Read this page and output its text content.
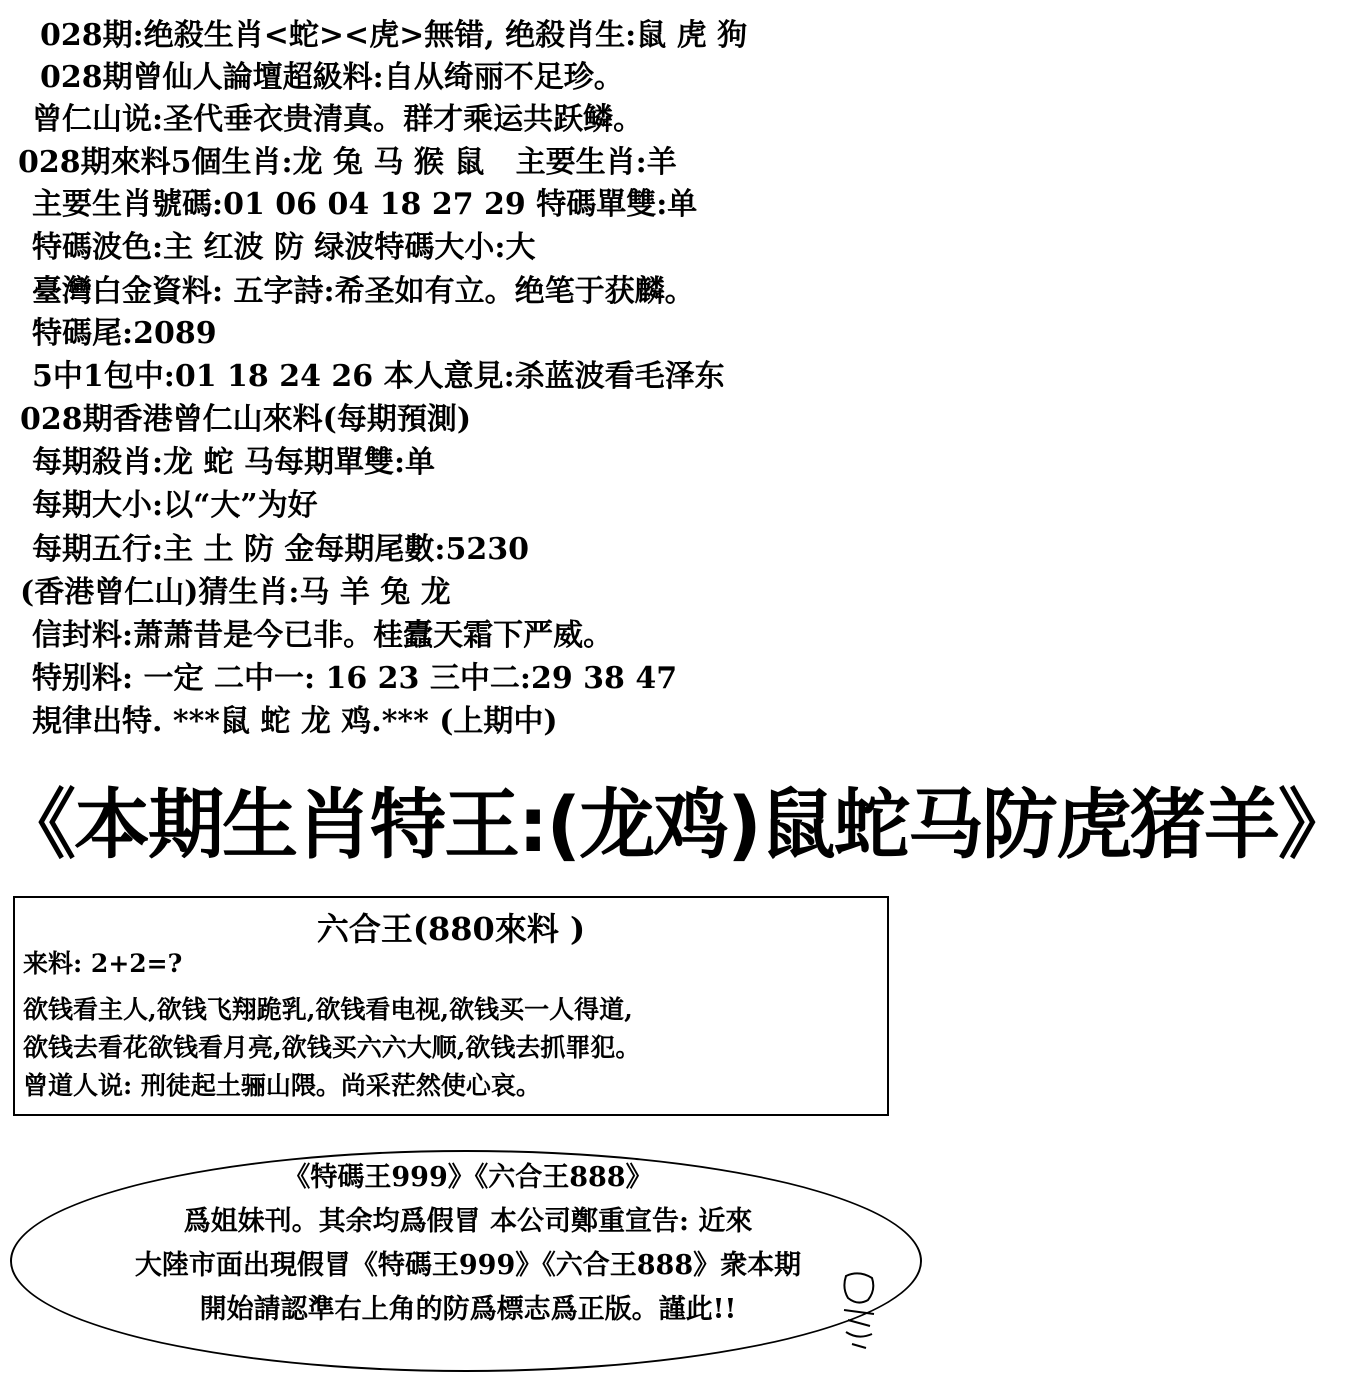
028期:绝殺生肖<蛇><虎>無错, 绝殺肖生:鼠 虎 狗
028期曾仙人論壇超級料:自从绮丽不足珍。
曾仁山说:圣代垂衣贵清真。群才乘运共跃鳞。
028期來料5個生肖:龙 兔 马 猴 鼠   主要生肖:羊
主要生肖號碼:01 06 04 18 27 29 特碼單雙:单
特碼波色:主 红波 防 绿波特碼大小:大
臺灣白金資料: 五字詩:希圣如有立。绝笔于获麟。
特碼尾:2089
5中1包中:01 18 24 26 本人意見:杀蓝波看毛泽东
028期香港曾仁山來料(每期預測)
每期殺肖:龙 蛇 马每期單雙:单
每期大小:以“大”为好
每期五行:主 土 防 金每期尾數:5230
(香港曾仁山)猜生肖:马 羊 兔 龙
信封料:萧萧昔是今已非。桂蠹天霜下严威。
特别料: 一定 二中一: 16 23 三中二:29 38 47
規律出特. ***鼠 蛇 龙 鸡.*** (上期中)
《本期生肖特王:(龙鸡)鼠蛇马防虎猪羊》
六合王(880來料 )
来料: 2+2=?
欲钱看主人,欲钱飞翔跪乳,欲钱看电视,欲钱买一人得道,
欲钱去看花欲钱看月亮,欲钱买六六大顺,欲钱去抓罪犯。
曾道人说: 刑徒起土骊山隈。尚采茫然使心哀。
《特碼王999》《六合王888》
爲姐妹刊。其余均爲假冒 本公司鄭重宣告: 近來
大陸市面出現假冒《特碼王999》《六合王888》衆本期
開始請認準右上角的防爲標志爲正版。謹此!!
